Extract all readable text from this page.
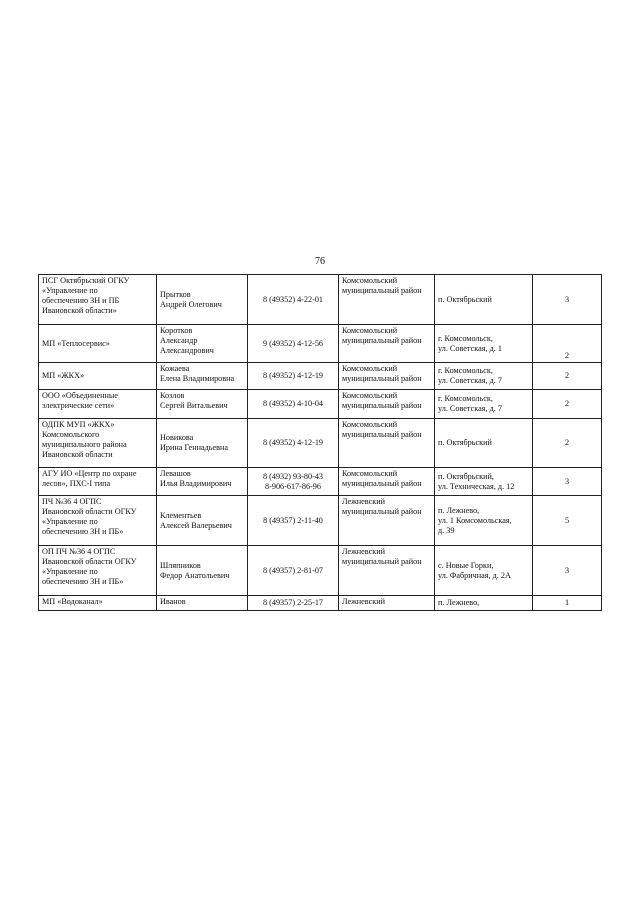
76
ПСГ Октябрьский ОГКУ
«Управление по
обеспечению ЗН и ПБ
Ивановской области»	Прытков
Андрей Олегович	8 (49352) 4-22-01	Комсомольский
муниципальный район	п. Октябрьский	3
МП «Теплосервис»	Коротков
Александр
Александрович	9 (49352) 4-12-56	Комсомольский
муниципальный район	г. Комсомольск,
ул. Советская, д. 1	2
МП «ЖКХ»	Кожаева
Елена Владимировна	8 (49352) 4-12-19	Комсомольский
муниципальный район	г. Комсомольск,
ул. Советская, д. 7	2
ООО «Объединенные
электрические сети»	Козлов
Сергей Витальевич	8 (49352) 4-10-04	Комсомольский
муниципальный район	г. Комсомольск,
ул. Советская, д. 7	2
ОДПК МУП «ЖКХ»
Комсомольского
муниципального района
Ивановской области	Новикова
Ирина Геннадьевна	8 (49352) 4-12-19	Комсомольский
муниципальный район	п. Октябрьский	2
АГУ ИО «Центр по охране
лесов», ПХС-I типа	Левашов
Илья Владимирович	8 (4932) 93-80-43
8-906-617-86-96	Комсомольский
муниципальный район	п. Октябрьский,
ул. Техническая, д. 12	3
ПЧ №36 4 ОГПС
Ивановской области ОГКУ
«Управление по
обеспечению ЗН и ПБ»	Клементьев
Алексей Валерьевич	8 (49357) 2-11-40	Лежневский
муниципальный район	п. Лежнево,
ул. 1 Комсомольская,
д. 39	5
ОП ПЧ №36 4 ОГПС
Ивановской области ОГКУ
«Управление по
обеспечению ЗН и ПБ»	Шляпников
Федор Анатольевич	8 (49357) 2-81-07	Лежневский
муниципальный район	с. Новые Горки,
ул. Фабричная, д. 2А	3
МП «Водоканал»	Иванов	8 (49357) 2-25-17	Лежневский	п. Лежнево,	1
